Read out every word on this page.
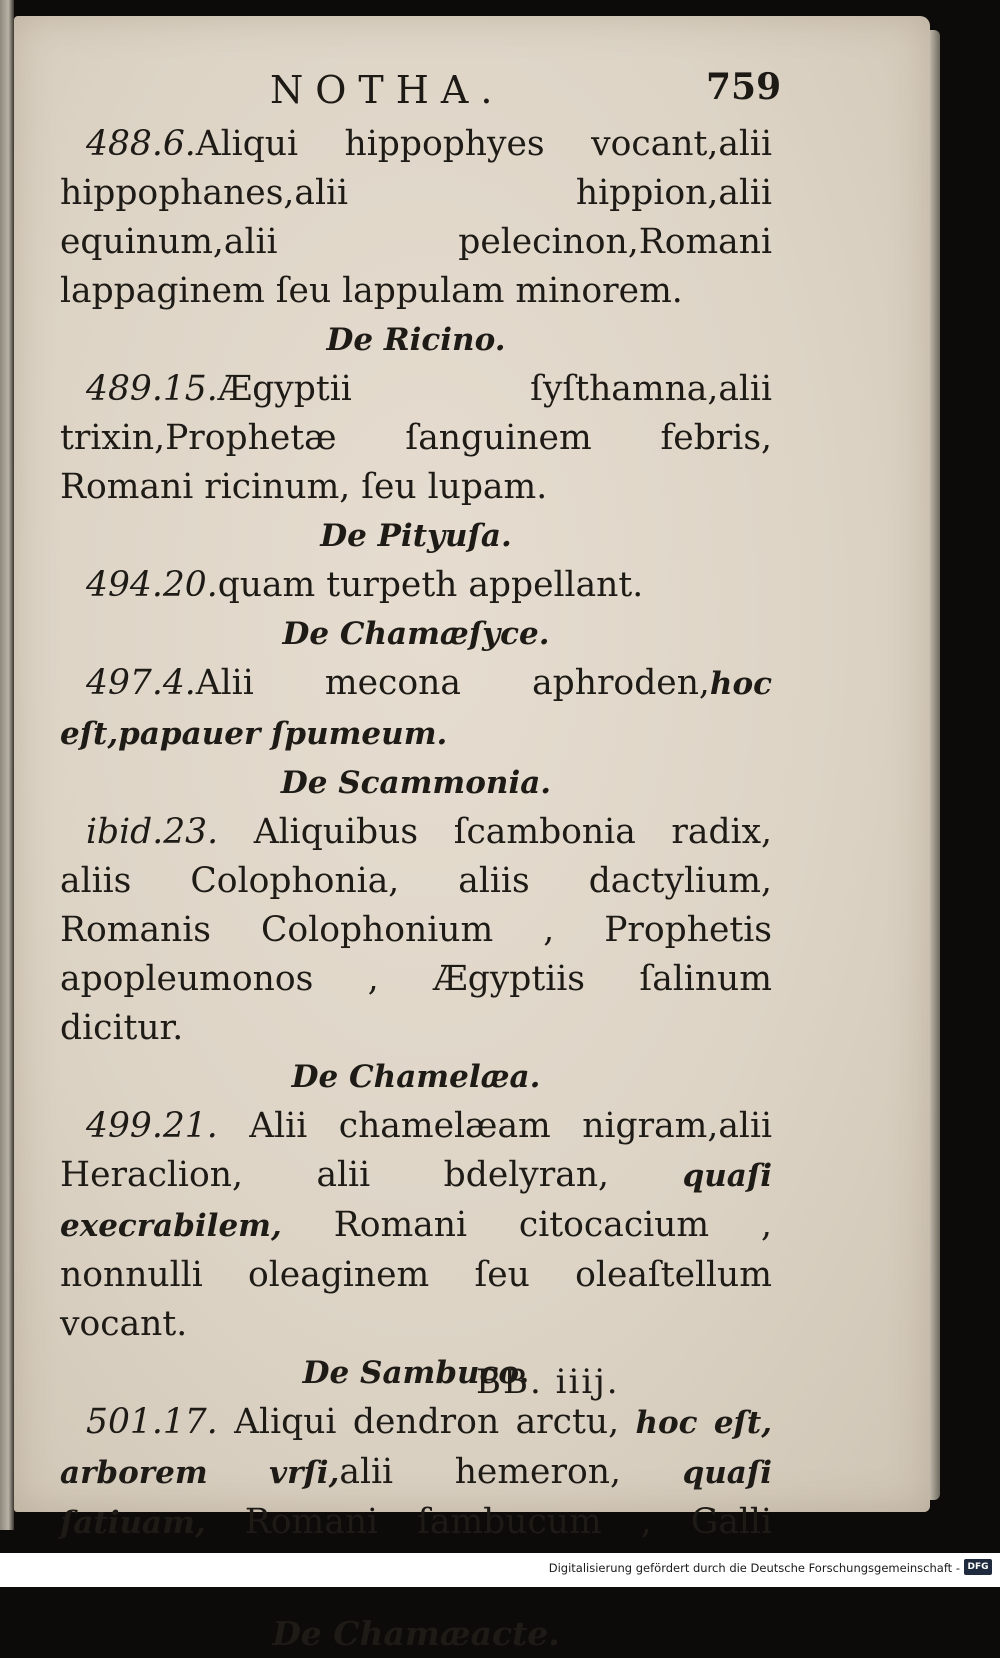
NOTHA.	759

488.6.Aliqui hippophyes vocant,alii hippophanes,alii hippion,alii equinum,alii pelecinon,Romani lappaginem ſeu lappulam minorem.

De Ricino.

489.15.Ægyptii ſyſthamna,alii trixin,Prophetæ ſanguinem febris, Romani ricinum, ſeu lupam.

De Pityuſa.

494.20.quam turpeth appellant.

De Chamæſyce.

497.4.Alii mecona aphroden,hoc eſt,papauer ſpumeum.

De Scammonia.

ibid.23. Aliquibus ſcambonia radix, aliis Colophonia, aliis dactylium, Romanis Colophonium , Prophetis apopleumonos , Ægyptiis ſalinum dicitur.

De Chamelæa.

499.21. Alii chamelæam nigram,alii Heraclion, alii bdelyran, quaſi execrabilem, Romani citocacium , nonnulli oleaginem ſeu oleaſtellum vocant.

De Sambuco.

501.17. Aliqui dendron arctu, hoc eſt, arborem vrſi,alii hemeron, quaſi ſatiuam, Romani ſambucum , Galli

De Chamæacte.

BB. iiij.
Digitalisierung gefördert durch die Deutsche Forschungsgemeinschaft - DFG
